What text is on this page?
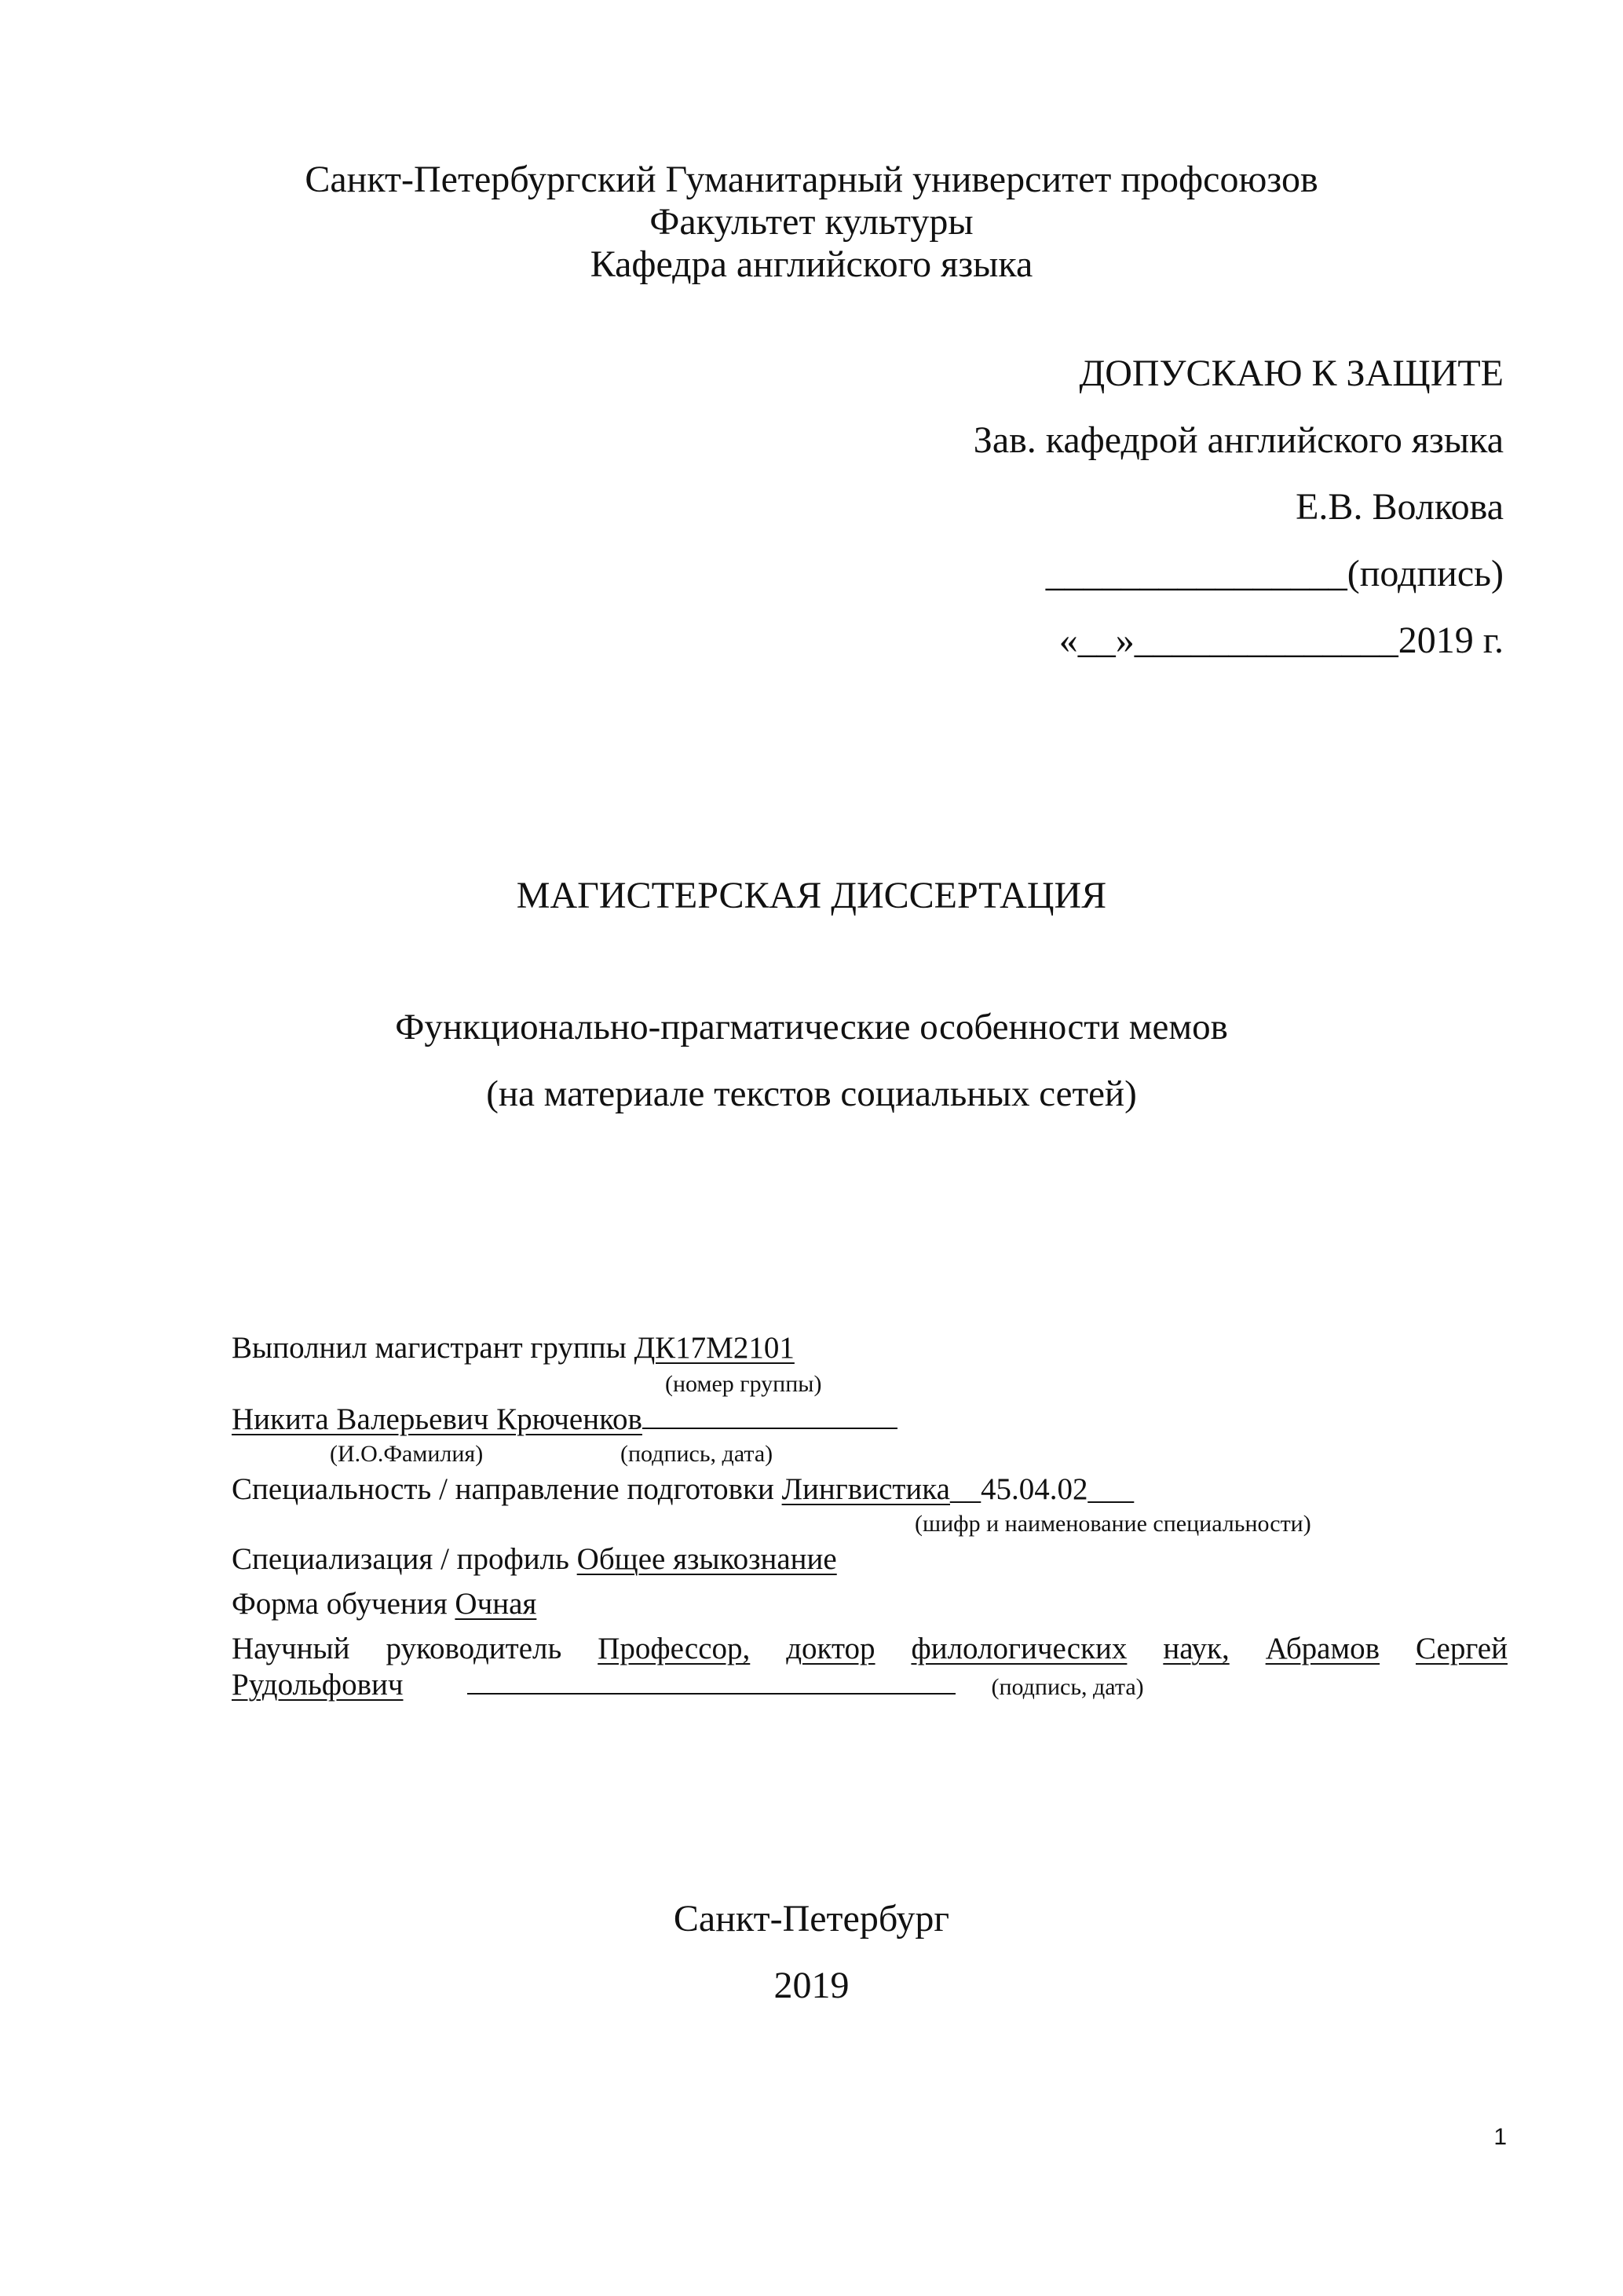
Санкт-Петербургский Гуманитарный университет профсоюзов
Факультет культуры
Кафедра английского языка
ДОПУСКАЮ К ЗАЩИТЕ
Зав. кафедрой английского языка
Е.В. Волкова
________________(подпись)
«__»______________2019 г.
МАГИСТЕРСКАЯ ДИССЕРТАЦИЯ
Функционально-прагматические особенности мемов
(на материале текстов социальных сетей)
Выполнил магистрант группы ДК17М2101
(номер группы)
Никита Валерьевич Крюченков
(И.О.Фамилия)	(подпись, дата)
Специальность / направление подготовки Лингвистика__45.04.02___
(шифр и наименование специальности)
Специализация / профиль Общее языкознание
Форма обучения Очная
Научный руководитель Профессор, доктор филологических наук, Абрамов Сергей
Рудольфович	(подпись, дата)
Санкт-Петербург
2019
1
